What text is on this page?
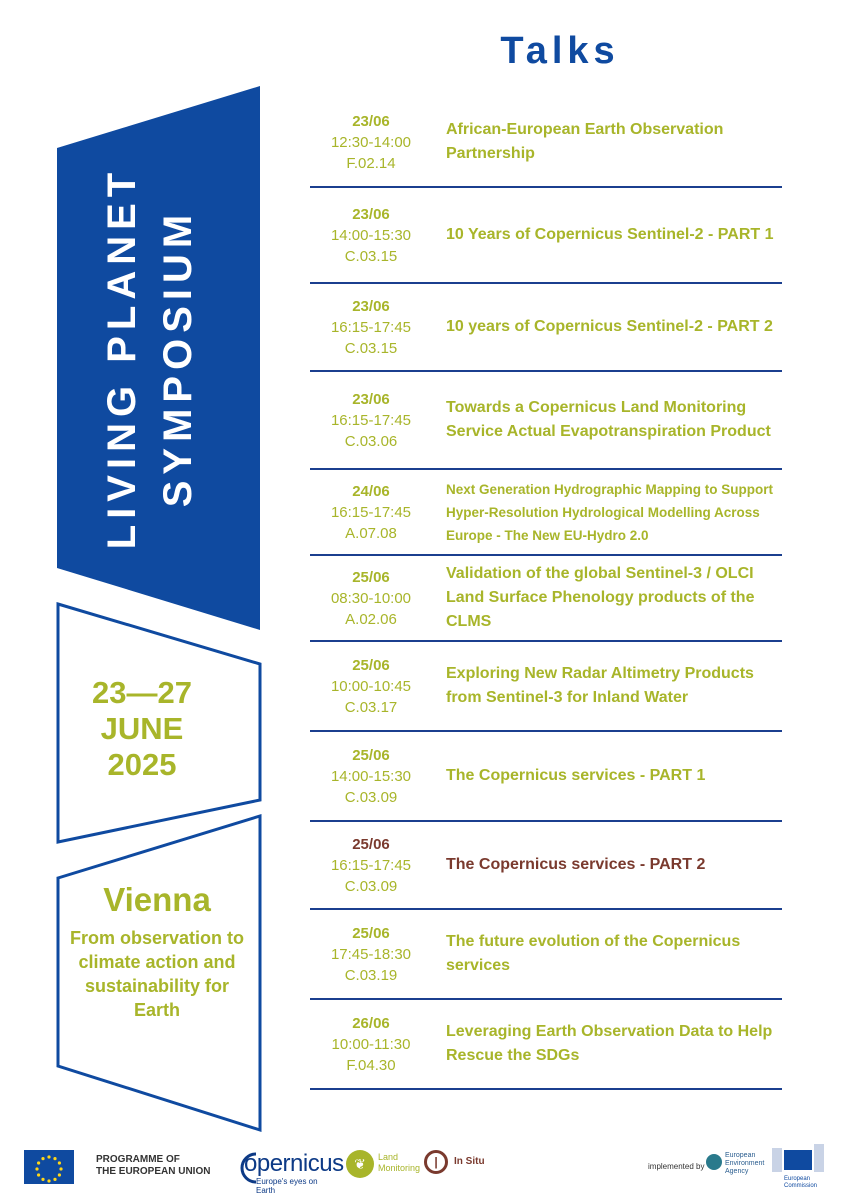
LIVING PLANET SYMPOSIUM
23—27
JUNE
2025
Vienna
From observation to climate action and sustainability for Earth
Talks
23/06
12:30-14:00
F.02.14
African-European Earth Observation Partnership
23/06
14:00-15:30
C.03.15
10 Years of Copernicus Sentinel-2 - PART 1
23/06
16:15-17:45
C.03.15
10 years of Copernicus Sentinel-2 - PART 2
23/06
16:15-17:45
C.03.06
Towards a Copernicus Land Monitoring Service Actual Evapotranspiration Product
24/06
16:15-17:45
A.07.08
Next Generation Hydrographic Mapping to Support Hyper-Resolution Hydrological Modelling Across Europe - The New EU-Hydro 2.0
25/06
08:30-10:00
A.02.06
Validation of the global Sentinel-3 / OLCI Land Surface Phenology products of the CLMS
25/06
10:00-10:45
C.03.17
Exploring New Radar Altimetry Products from Sentinel-3 for Inland Water
25/06
14:00-15:30
C.03.09
The Copernicus services - PART 1
25/06
16:15-17:45
C.03.09
The Copernicus services - PART 2
25/06
17:45-18:30
C.03.19
The future evolution of the Copernicus services
26/06
10:00-11:30
F.04.30
Leveraging Earth Observation Data to Help Rescue the SDGs
PROGRAMME OF
THE EUROPEAN UNION	opernicus
Europe's eyes on Earth
❦	Land
Monitoring	|	In Situ	implemented by
European
Environment
Agency
European
Commission
